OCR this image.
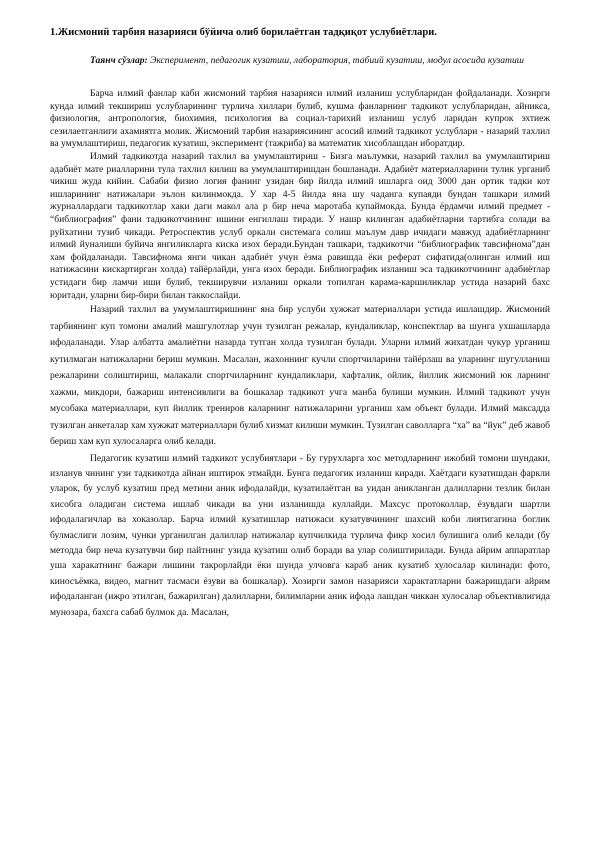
1.Жисмоний тарбия назарияси бўйича олиб борилаётган тадқиқот услубиётлари.

Таянч сўзлар: Эксперимент, педагогик кузатиш, лаборатория, табиий кузатиш, модул асосида кузатиш

Барча илмий фанлар каби жисмоний тарбия назарияси илмий изланиш услубларидан фойдаланади. Хозирги кунда илмий текшириш услубларининг турлича хиллари булиб, кушма фанларнинг тадкикот услубларидан, айникса, физиология, антропология, биохимия, психология ва социал-тарихий изланиш услуб ларидан купрок эхтиеж сезилаетганлиги ахамиятга молик. Жисмоний тарбия назариясининг асосий илмий тадкикот услублари - назарий тахлил ва умумлаштириш, педагогик кузатиш, эксперимент (тажриба) ва математик хисоблашдан иборатдир.

Илмий тадкикотда назарий тахлил ва умумлаштириш - Бизга маълумки, назарий тахлил ва умумлаштириш адабиёт мате риалларини тула тахлил килиш ва умумлаштиришдан бошланади. Адабиёт материалларини тулик урганиб чикиш жуда кийин. Сабаби физио логия фанинг узидан бир йилда илмий ишларга оид 3000 дан ортик тадки кот ишларининг натижалари эълон килинмокда. У хар 4-5 йилда яна шу чаданга купаяди бундан ташкари илмий журналлардаги тадкикотлар хаки даги макол ала р бир неча маротаба купаймокда. Бунда ёрдамчи илмий предмет - “библиография” фани тадкикотчининг ишини енгиллаш тиради. У нашр килинган адабиётларни тартибга солади ва руйхатини тузиб чикади. Ретроспектив услуб оркали системага солиш маълум давр ичидаги мавжуд адабиётларнинг илмий йуналиши буйича янгиликларга киска изох беради.Бундан ташкари, тадкикотчи “библиографик тавсифнома”дан хам фойдаланади. Тавсифнома янги чикан адабиёт учун ёзма равишда ёки реферат сифатида(олинган илмий иш натижасини кискартирган холда) тайёрлайди, унга изох беради. Библиографик изланиш эса тадкикотчининг адабиётлар устидаги бир ламчи иши булиб, текширувчи изланиш оркали топилган карама-каршиликлар устида назарий бахс юритади, уларни бир-бири билан таккослайди.

Назарий тахлил ва умумлаштиришнинг яна бир услуби хужжат материаллари устида ишлашдир. Жисмоний тарбиянинг куп томони амалий машгулотлар учун тузилган режалар, кундаликлар, конспектлар ва шунга ухшашларда ифодаланади. Улар албатта амалиётни назарда тутган холда тузилган булади. Уларни илмий жихатдан чукур урганиш кутилмаган натижаларни бериш мумкин. Масалан, жахоннинг кучли спортчиларини тайёрлаш ва уларнинг шугулланиш режаларини солиштириш, малакали спортчиларнинг кундаликлари, хафталик, ойлик, йиллик жисмоний юк ларнинг хажми, микдори, бажариш интенсивлиги ва бошкалар тадкикот учга манба булиши мумкин. Илмий тадкикот учун мусобака материаллари, куп йиллик трениров каларнинг натижаларини урганиш хам объект булади. Илмий максадда тузилган анкеталар хам хужжат материаллари булиб хизмат килиши мумкин. Тузилган саволларга “ха” ва “йук” деб жавоб бериш хам куп хулосаларга олиб келади.

Педагогик кузатиш илмий тадкикот услубиятлари - Бу гурухларга хос методларнинг ижобий томони шундаки, изланув чининг узи тадкикотда айнан иштирок этмайди. Бунга педагогик изланиш киради. Хаётдаги кузатишдан фаркли уларок, бу услуб кузатиш пред метини аник ифодалайди, кузатилаётган ва уидан аникланган далилларни тезлик билан хисобга оладиган система ишлаб чикади ва уни изланишда куллайди. Махсус протоколлар, ёзувдаги шартли ифодалагичлар ва хоказолар. Барча илмий кузатишлар натижаси кузатувчининг шахсий коби лиятигагина боглик булмаслиги лозим, чунки урганилган далиллар натижалар купчилкида турлича фикр хосил булишига олиб келади (бу методда бир неча кузатувчи бир пайтнинг узида кузатиш олиб боради ва улар солиштирилади. Бунда айрим аппаратлар уша харакатнинг бажари лишини такрорлайди ёки шунда улчовга караб аник кузатиб хулосалар килинади: фото, киносъёмка, видео, магнит тасмаси ёзуви ва бошкалар). Хозирги замон назарияси характатларни бажаришдаги айрим ифодаланган (ижро этилган, бажарилган) далилларни, билимларни аник ифода лашдан чиккан хулосалар объективлигида мунозара, бахсга сабаб булмок да. Масалан,
